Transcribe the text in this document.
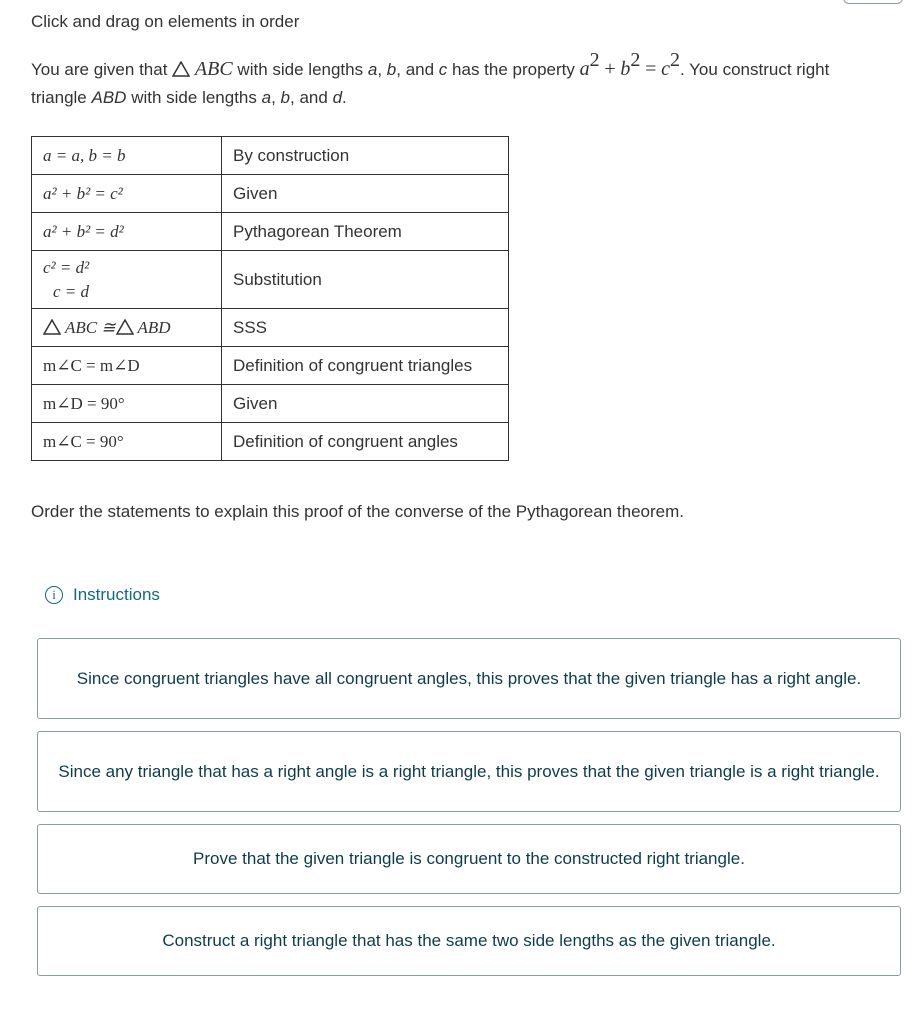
Click and drag on elements in order
You are given that ABC with side lengths a, b, and c has the property $a^2 + b^2 = c^2$. You construct right
triangle ABD with side lengths a, b, and d.
a = a, b = b	By construction
a² + b² = c²	Given
a² + b² = d²	Pythagorean Theorem

c² = d²
c = d	Substitution
ABC ≅ ABD	SSS
m∠C = m∠D	Definition of congruent triangles
m∠D = 90°	Given
m∠C = 90°	Definition of congruent angles
Order the statements to explain this proof of the converse of the Pythagorean theorem.
i	Instructions
Since congruent triangles have all congruent angles, this proves that the given triangle has a right angle.
Since any triangle that has a right angle is a right triangle, this proves that the given triangle is a right triangle.
Prove that the given triangle is congruent to the constructed right triangle.
Construct a right triangle that has the same two side lengths as the given triangle.
